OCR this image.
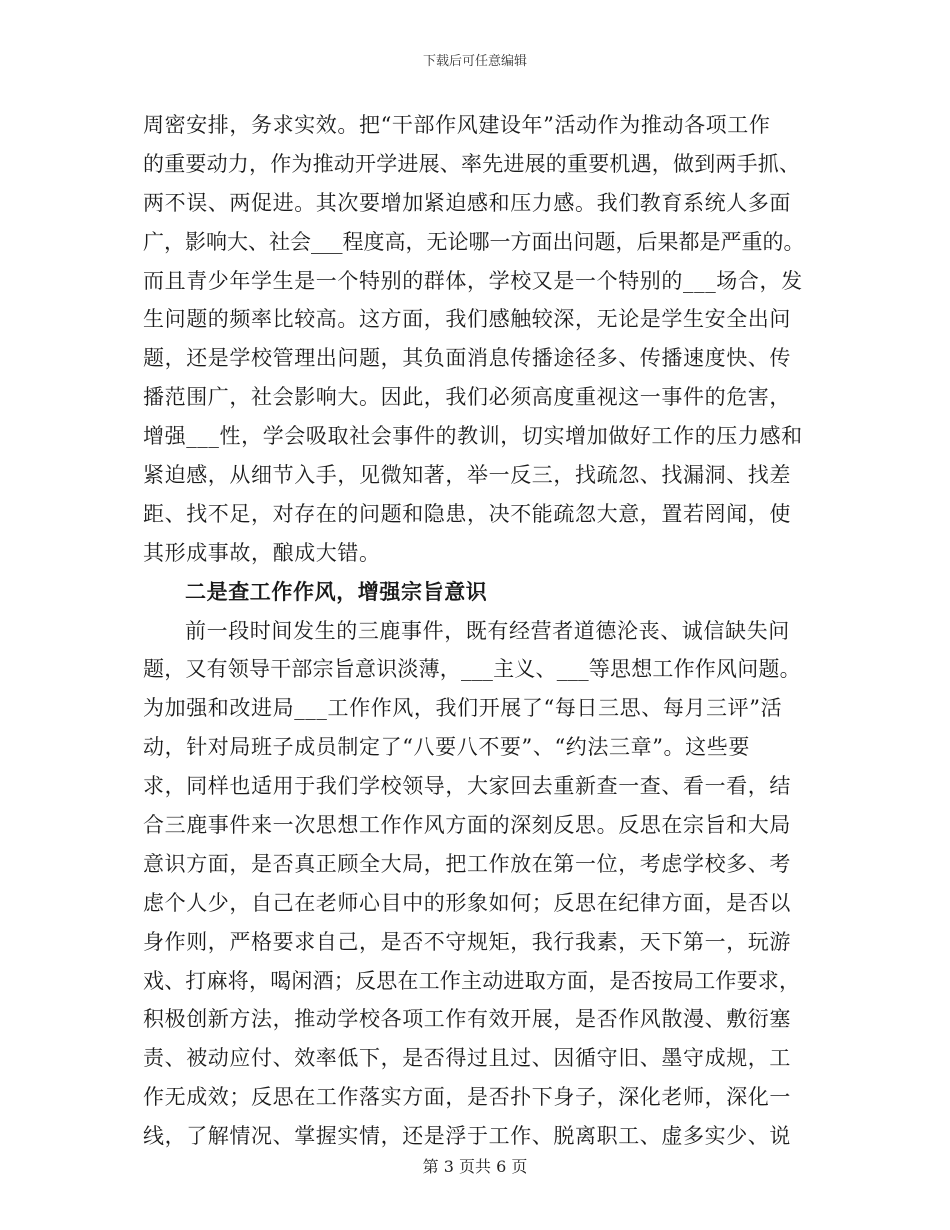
下载后可任意编辑
周密安排，务求实效。把“干部作风建设年”活动作为推动各项工作
的重要动力，作为推动开学进展、率先进展的重要机遇，做到两手抓、
两不误、两促进。其次要增加紧迫感和压力感。我们教育系统人多面
广，影响大、社会___程度高，无论哪一方面出问题，后果都是严重的。
而且青少年学生是一个特别的群体，学校又是一个特别的___场合，发
生问题的频率比较高。这方面，我们感触较深，无论是学生安全出问
题，还是学校管理出问题，其负面消息传播途径多、传播速度快、传
播范围广，社会影响大。因此，我们必须高度重视这一事件的危害，
增强___性，学会吸取社会事件的教训，切实增加做好工作的压力感和
紧迫感，从细节入手，见微知著，举一反三，找疏忽、找漏洞、找差
距、找不足，对存在的问题和隐患，决不能疏忽大意，置若罔闻，使
其形成事故，酿成大错。
二是查工作作风，增强宗旨意识
前一段时间发生的三鹿事件，既有经营者道德沦丧、诚信缺失问
题，又有领导干部宗旨意识淡薄，___主义、___等思想工作作风问题。
为加强和改进局___工作作风，我们开展了“每日三思、每月三评”活
动，针对局班子成员制定了“八要八不要”、“约法三章”。这些要
求，同样也适用于我们学校领导，大家回去重新查一查、看一看，结
合三鹿事件来一次思想工作作风方面的深刻反思。反思在宗旨和大局
意识方面，是否真正顾全大局，把工作放在第一位，考虑学校多、考
虑个人少，自己在老师心目中的形象如何；反思在纪律方面，是否以
身作则，严格要求自己，是否不守规矩，我行我素，天下第一，玩游
戏、打麻将，喝闲酒；反思在工作主动进取方面，是否按局工作要求，
积极创新方法，推动学校各项工作有效开展，是否作风散漫、敷衍塞
责、被动应付、效率低下，是否得过且过、因循守旧、墨守成规，工
作无成效；反思在工作落实方面，是否扑下身子，深化老师，深化一
线，了解情况、掌握实情，还是浮于工作、脱离职工、虚多实少、说
第 3 页共 6 页
